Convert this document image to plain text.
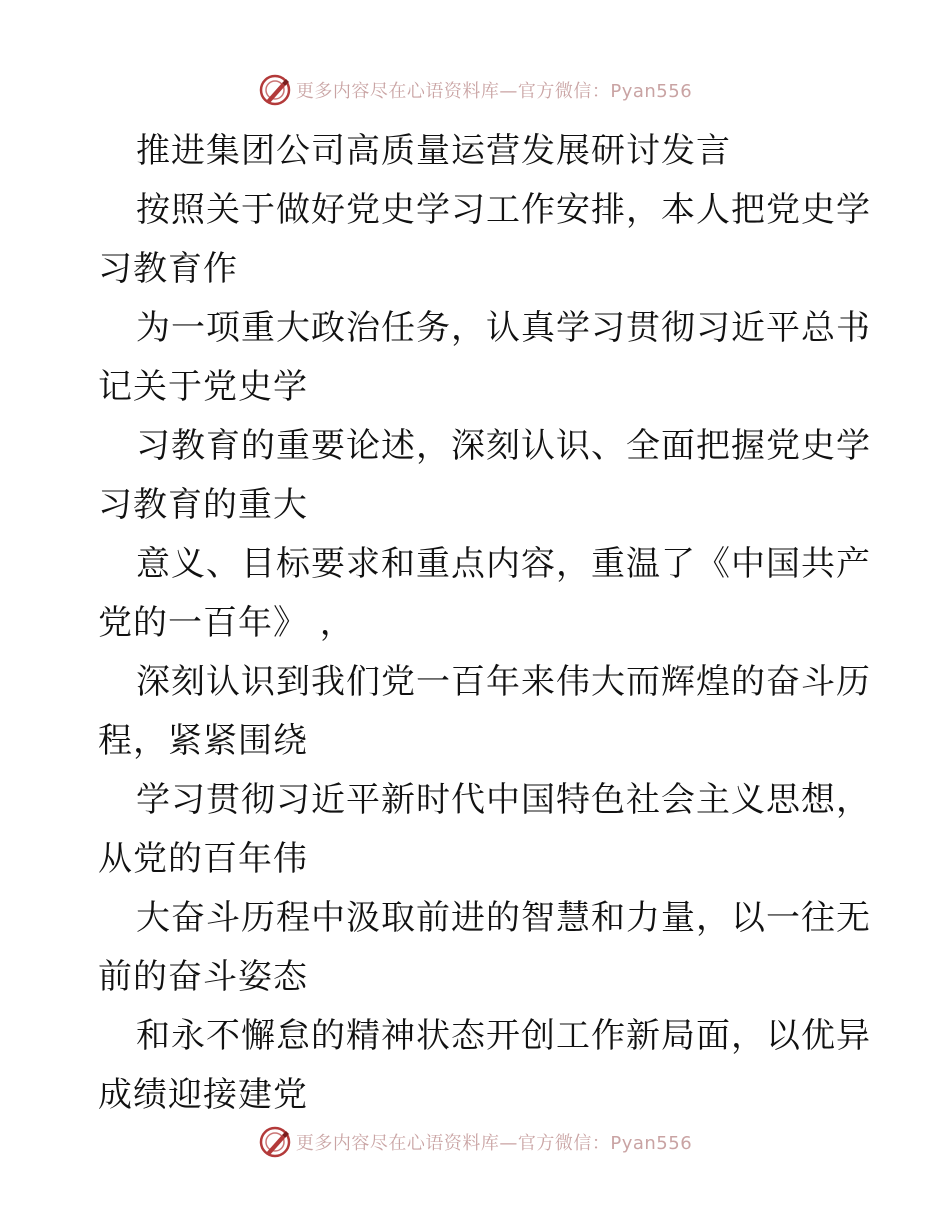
更多内容尽在心语资料库—官方微信：Pyan556
推进集团公司高质量运营发展研讨发言
按照关于做好党史学习工作安排，本人把党史学
习教育作
为一项重大政治任务，认真学习贯彻习近平总书
记关于党史学
习教育的重要论述，深刻认识、全面把握党史学
习教育的重大
意义、目标要求和重点内容，重温了《中国共产
党的一百年》 ，
深刻认识到我们党一百年来伟大而辉煌的奋斗历
程，紧紧围绕
学习贯彻习近平新时代中国特色社会主义思想，
从党的百年伟
大奋斗历程中汲取前进的智慧和力量，以一往无
前的奋斗姿态
和永不懈怠的精神状态开创工作新局面，以优异
成绩迎接建党
更多内容尽在心语资料库—官方微信：Pyan556
